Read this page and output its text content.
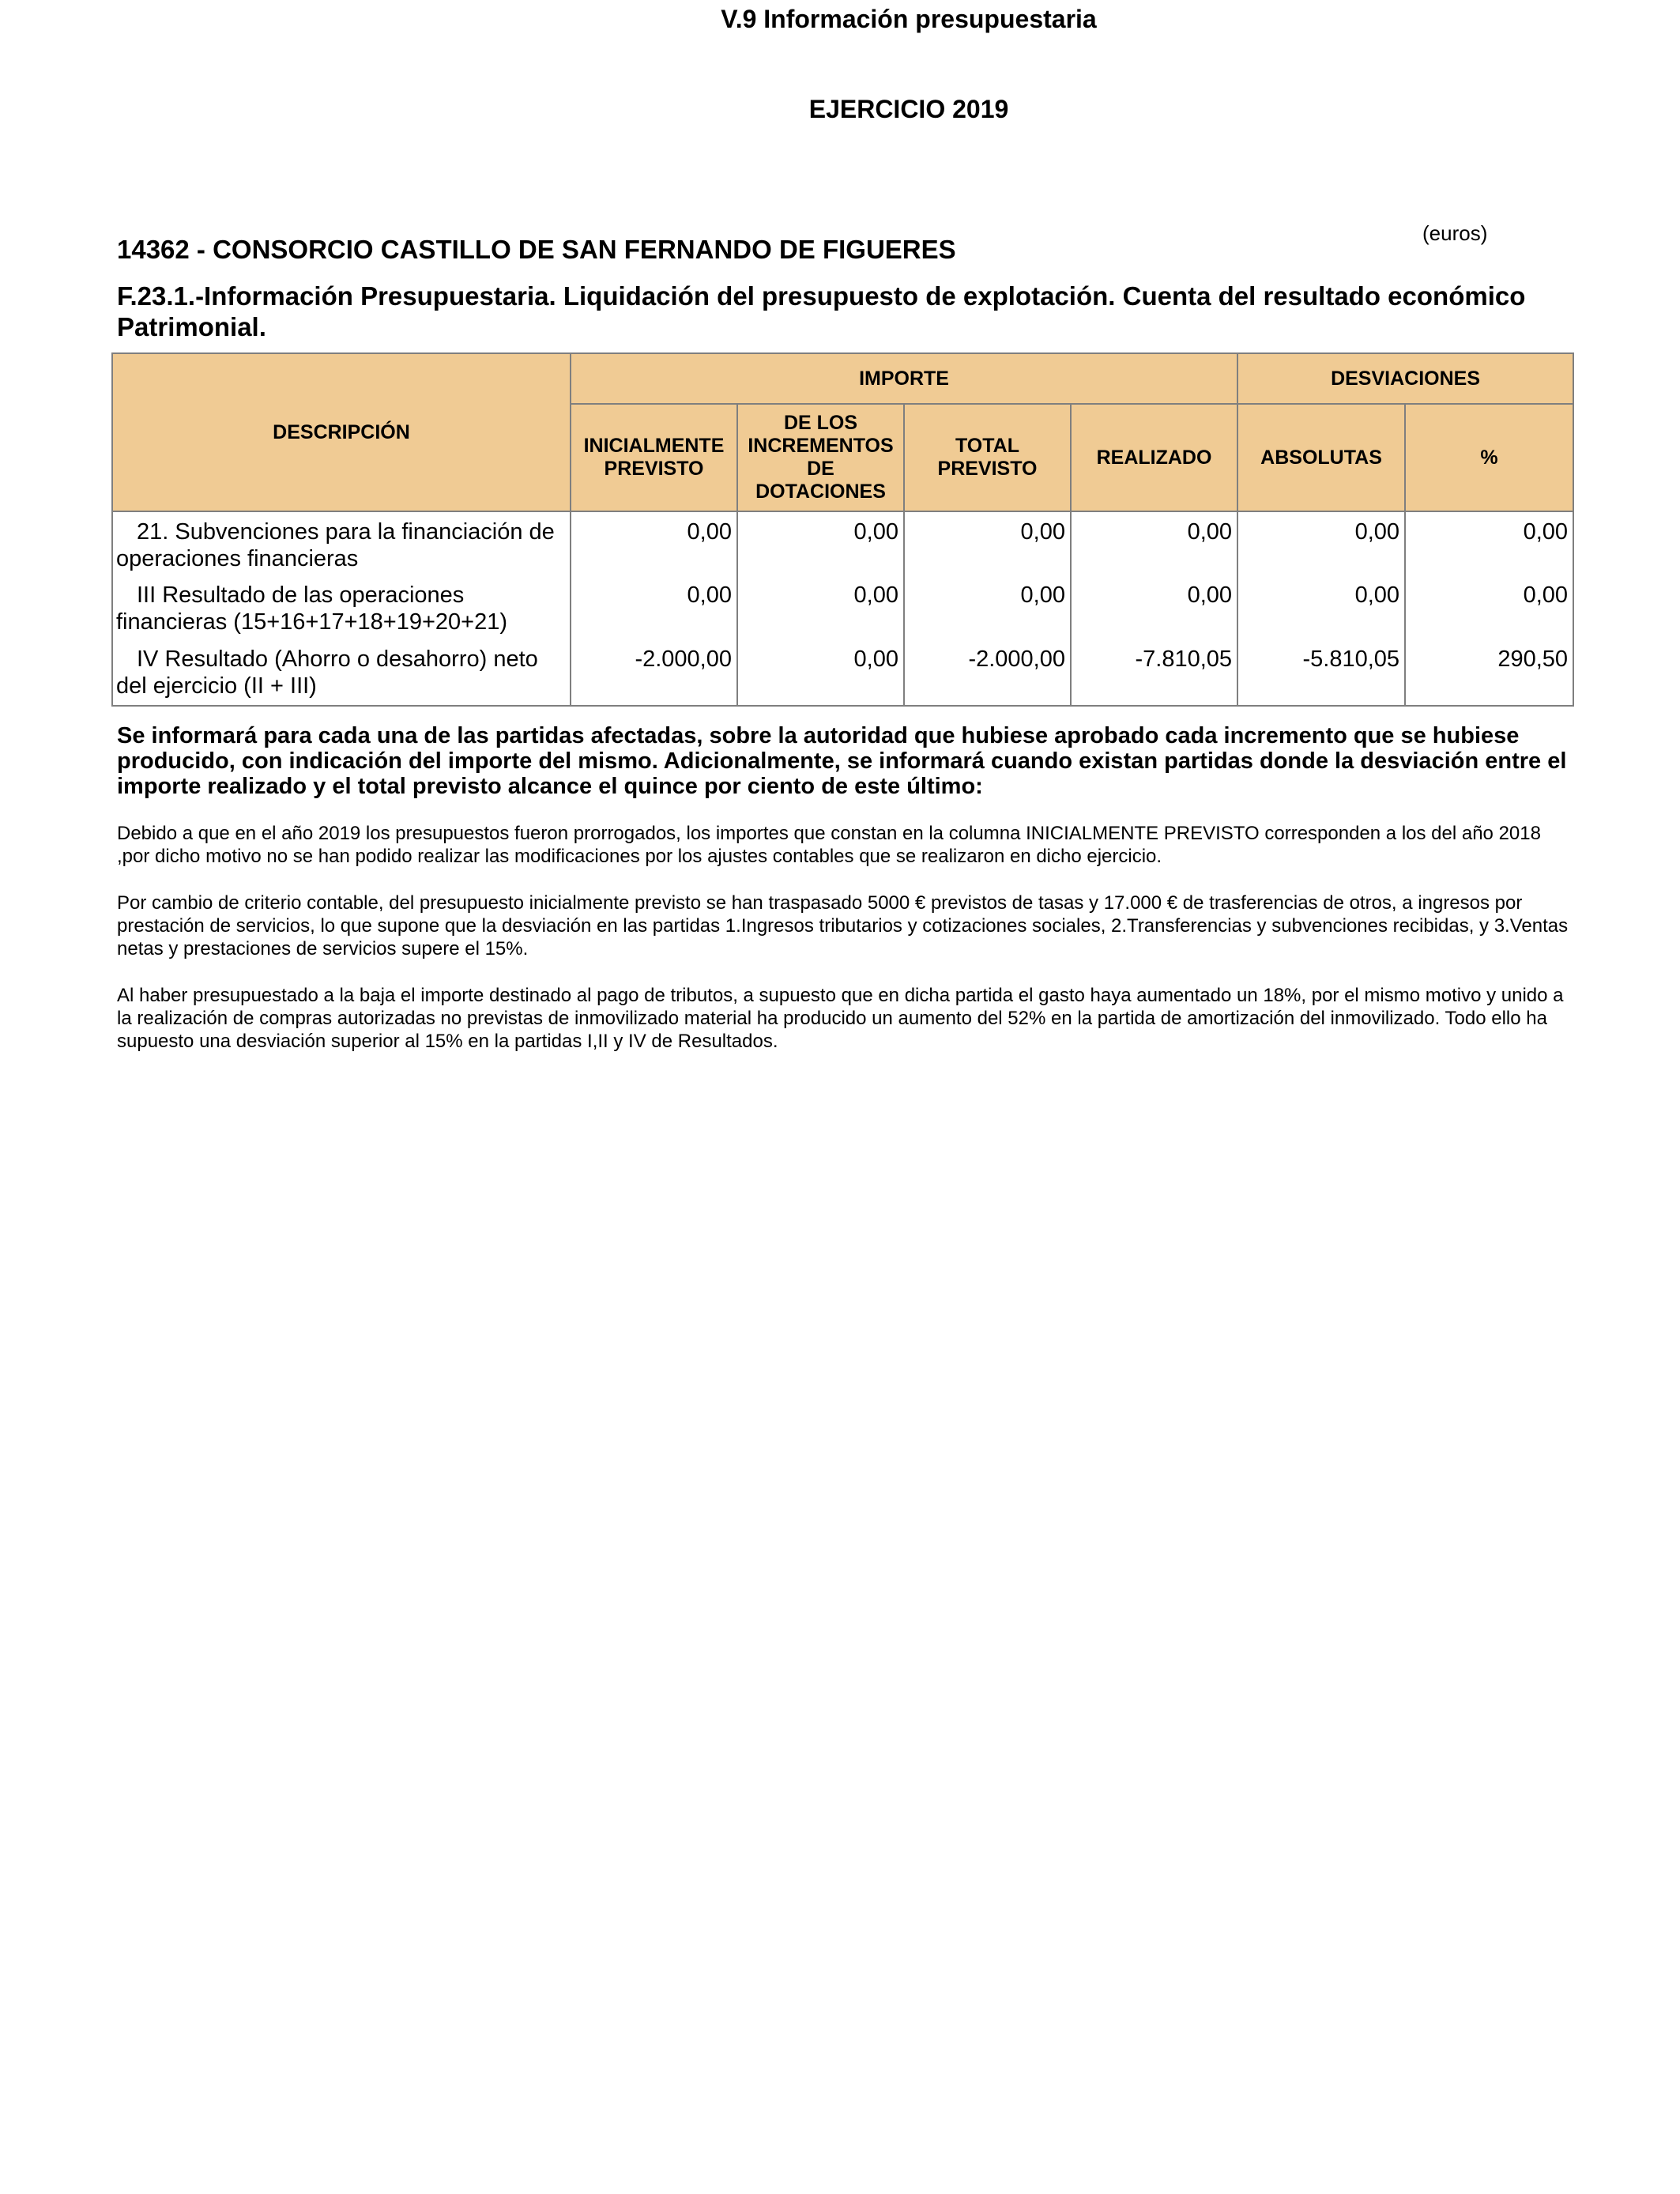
V.9 Información presupuestaria
EJERCICIO 2019
(euros)
14362 - CONSORCIO CASTILLO DE SAN FERNANDO DE FIGUERES
F.23.1.-Información Presupuestaria. Liquidación del presupuesto de explotación. Cuenta del resultado económico Patrimonial.
DESCRIPCIÓN	IMPORTE				DESVIACIONES	
	INICIALMENTE PREVISTO	DE LOS INCREMENTOS DE DOTACIONES	TOTAL PREVISTO	REALIZADO	ABSOLUTAS	%
21. Subvenciones para la financiación de operaciones financieras	0,00	0,00	0,00	0,00	0,00	0,00
III Resultado de las operaciones financieras (15+16+17+18+19+20+21)	0,00	0,00	0,00	0,00	0,00	0,00
IV Resultado (Ahorro o desahorro) neto del ejercicio (II + III)	-2.000,00	0,00	-2.000,00	-7.810,05	-5.810,05	290,50
Se informará para cada una de las partidas afectadas, sobre la autoridad que hubiese aprobado cada incremento que se hubiese producido, con indicación del importe del mismo. Adicionalmente, se informará cuando existan partidas donde la desviación entre el importe realizado y el total previsto alcance el quince por ciento de este último:
Debido a que en el año 2019 los presupuestos fueron prorrogados, los importes que constan en la columna INICIALMENTE PREVISTO corresponden a los del año 2018 ,por dicho motivo no se han podido realizar las modificaciones por los ajustes contables que se realizaron en dicho ejercicio.
Por cambio de criterio contable, del presupuesto inicialmente previsto se han traspasado 5000 € previstos de tasas y 17.000 € de trasferencias de otros, a ingresos por prestación de servicios, lo que supone que la desviación en las partidas 1.Ingresos tributarios y cotizaciones sociales, 2.Transferencias y subvenciones recibidas, y 3.Ventas netas y prestaciones de servicios supere el 15%.
Al haber presupuestado a la baja el importe destinado al pago de tributos, a supuesto que en dicha partida el gasto haya aumentado un 18%, por el mismo motivo y unido a la realización de compras autorizadas no previstas de inmovilizado material ha producido un aumento del 52% en la partida de amortización del inmovilizado. Todo ello ha supuesto una desviación superior al 15% en la partidas I,II y IV de Resultados.
